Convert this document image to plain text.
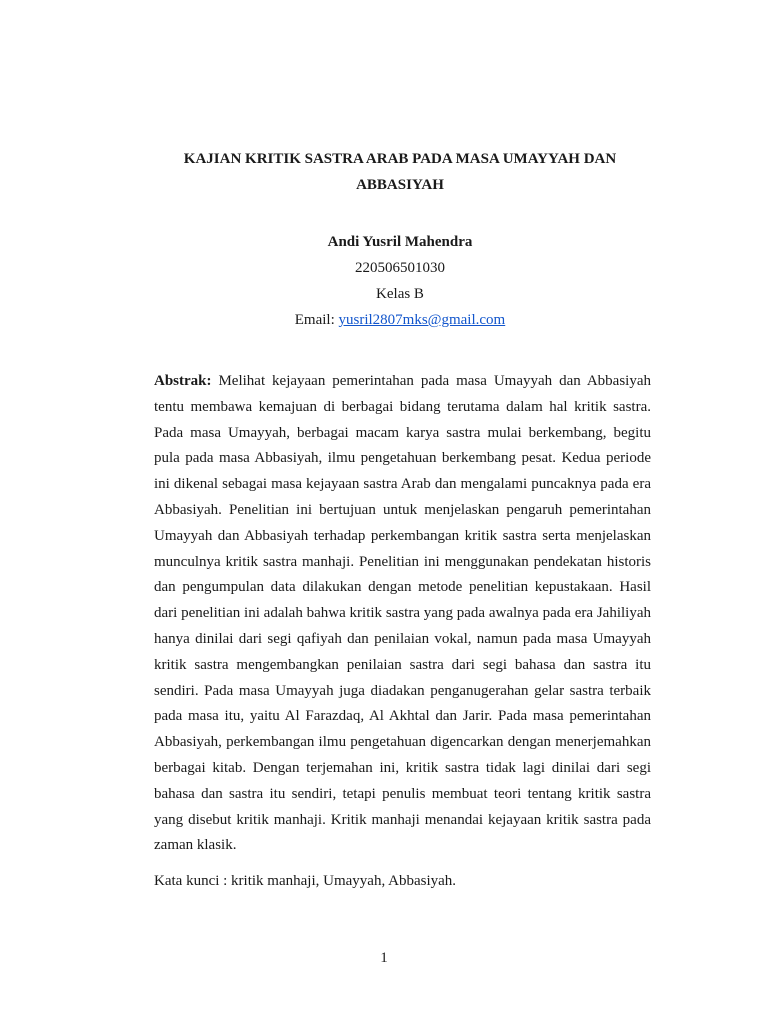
KAJIAN KRITIK SASTRA ARAB PADA MASA UMAYYAH DAN ABBASIYAH
Andi Yusril Mahendra
220506501030
Kelas B
Email: yusril2807mks@gmail.com

Abstrak: Melihat kejayaan pemerintahan pada masa Umayyah dan Abbasiyah tentu membawa kemajuan di berbagai bidang terutama dalam hal kritik sastra. Pada masa Umayyah, berbagai macam karya sastra mulai berkembang, begitu pula pada masa Abbasiyah, ilmu pengetahuan berkembang pesat. Kedua periode ini dikenal sebagai masa kejayaan sastra Arab dan mengalami puncaknya pada era Abbasiyah. Penelitian ini bertujuan untuk menjelaskan pengaruh pemerintahan Umayyah dan Abbasiyah terhadap perkembangan kritik sastra serta menjelaskan munculnya kritik sastra manhaji. Penelitian ini menggunakan pendekatan historis dan pengumpulan data dilakukan dengan metode penelitian kepustakaan. Hasil dari penelitian ini adalah bahwa kritik sastra yang pada awalnya pada era Jahiliyah hanya dinilai dari segi qafiyah dan penilaian vokal, namun pada masa Umayyah kritik sastra mengembangkan penilaian sastra dari segi bahasa dan sastra itu sendiri. Pada masa Umayyah juga diadakan penganugerahan gelar sastra terbaik pada masa itu, yaitu Al Farazdaq, Al Akhtal dan Jarir. Pada masa pemerintahan Abbasiyah, perkembangan ilmu pengetahuan digencarkan dengan menerjemahkan berbagai kitab. Dengan terjemahan ini, kritik sastra tidak lagi dinilai dari segi bahasa dan sastra itu sendiri, tetapi penulis membuat teori tentang kritik sastra yang disebut kritik manhaji. Kritik manhaji menandai kejayaan kritik sastra pada zaman klasik.

Kata kunci : kritik manhaji, Umayyah, Abbasiyah.

1
